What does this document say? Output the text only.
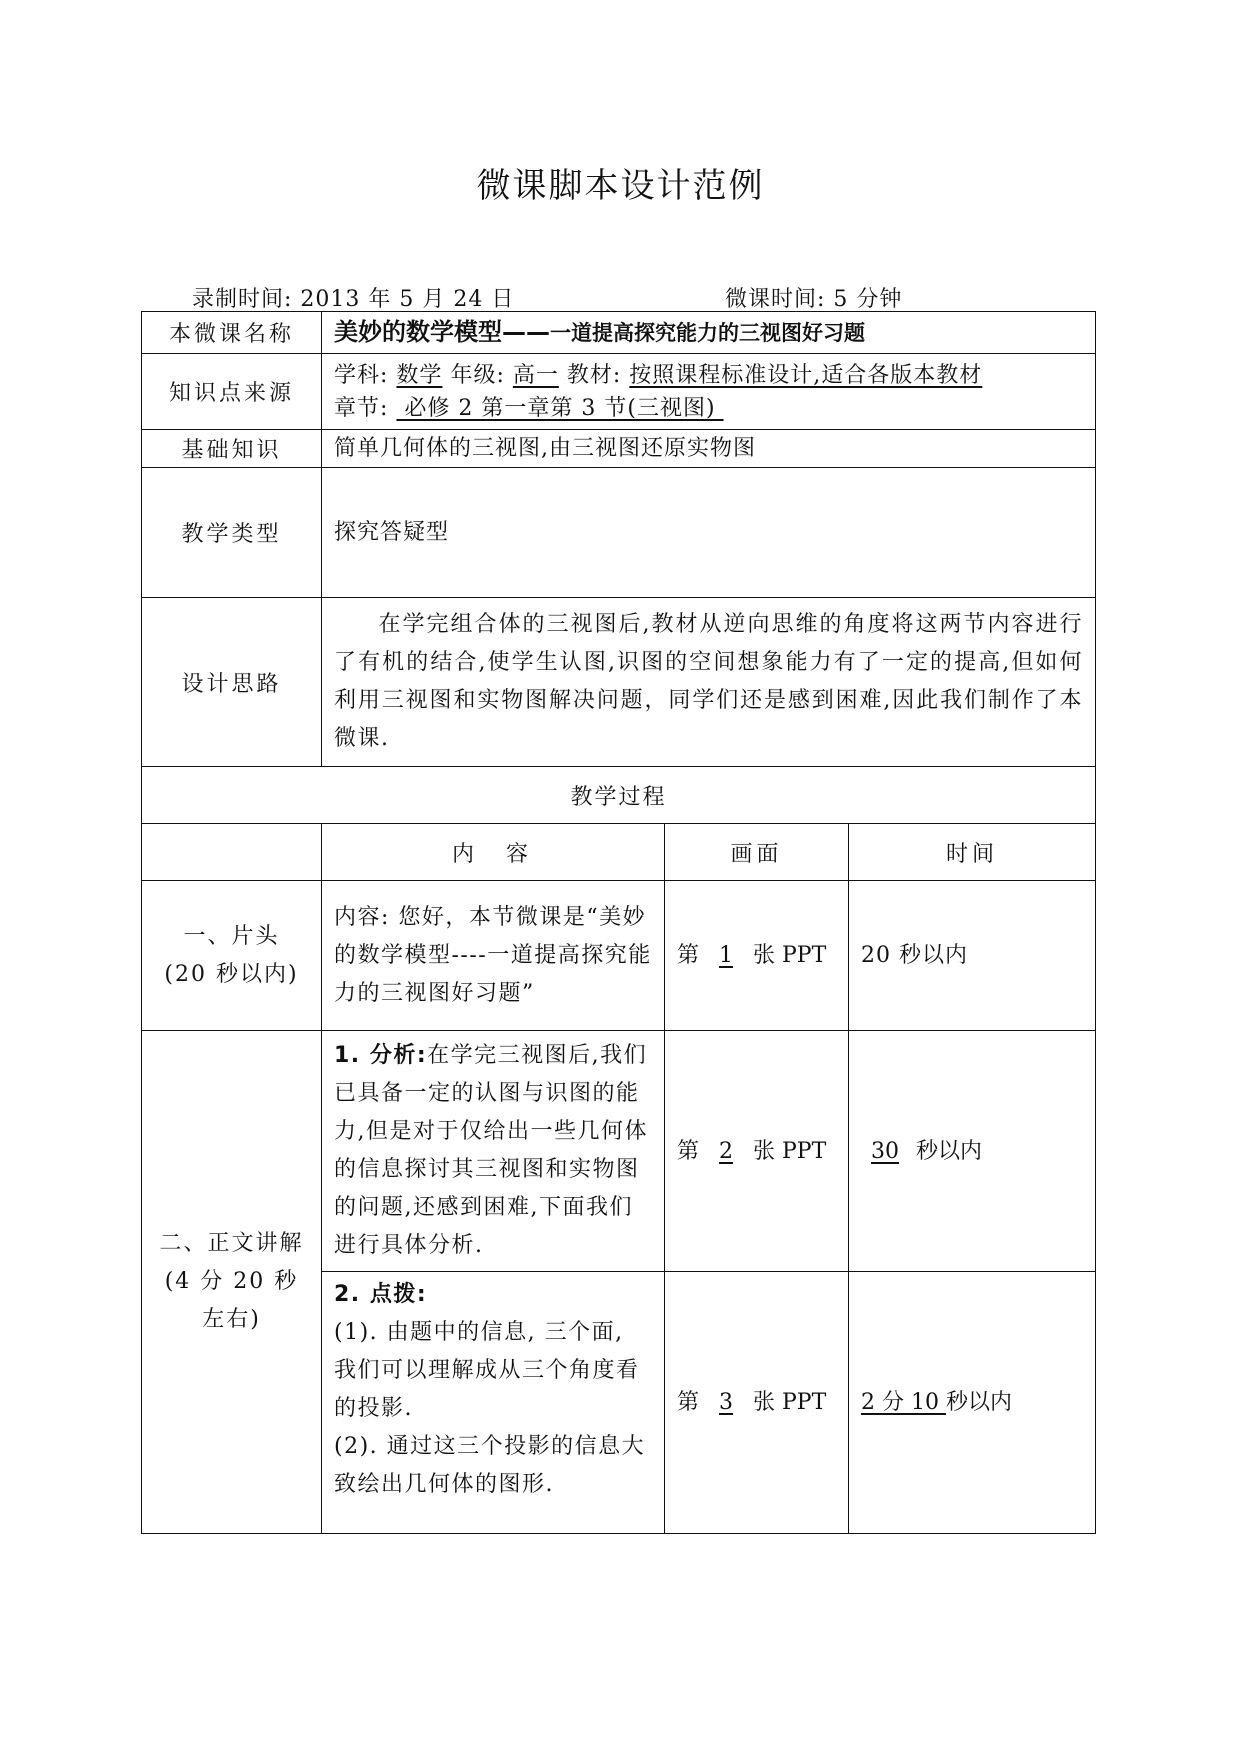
微课脚本设计范例
录制时间: 2013 年 5 月 24 日	微课时间: 5 分钟
本微课名称	美妙的数学模型——一道提高探究能力的三视图好习题		
知识点来源	学科: 数学 年级: 高一 教材: 按照课程标准设计,适合各版本教材
章节:  必修 2 第一章第 3 节(三视图)		

基础知识	简单几何体的三视图,由三视图还原实物图		
教学类型	探究答疑型		
设计思路	在学完组合体的三视图后,教材从逆向思维的角度将这两节内容进行了有机的结合,使学生认图,识图的空间想象能力有了一定的提高,但如何利用三视图和实物图解决问题，同学们还是感到困难,因此我们制作了本微课.		
教学过程			
	内  容	画面	时间

一、片头
(20 秒以内)	内容: 您好，本节微课是“美妙的数学模型----一道提高探究能力的三视图好习题”	第 1 张 PPT	20 秒以内

二、正文讲解
(4 分 20 秒
左右)	1. 分析:在学完三视图后,我们已具备一定的认图与识图的能力,但是对于仅给出一些几何体的信息探讨其三视图和实物图的问题,还感到困难,下面我们进行具体分析.	第 2 张 PPT	30 秒以内

	2. 点拨:
(1). 由题中的信息, 三个面, 我们可以理解成从三个角度看的投影.
(2). 通过这三个投影的信息大致绘出几何体的图形.	第 3 张 PPT	2 分 10 秒以内
